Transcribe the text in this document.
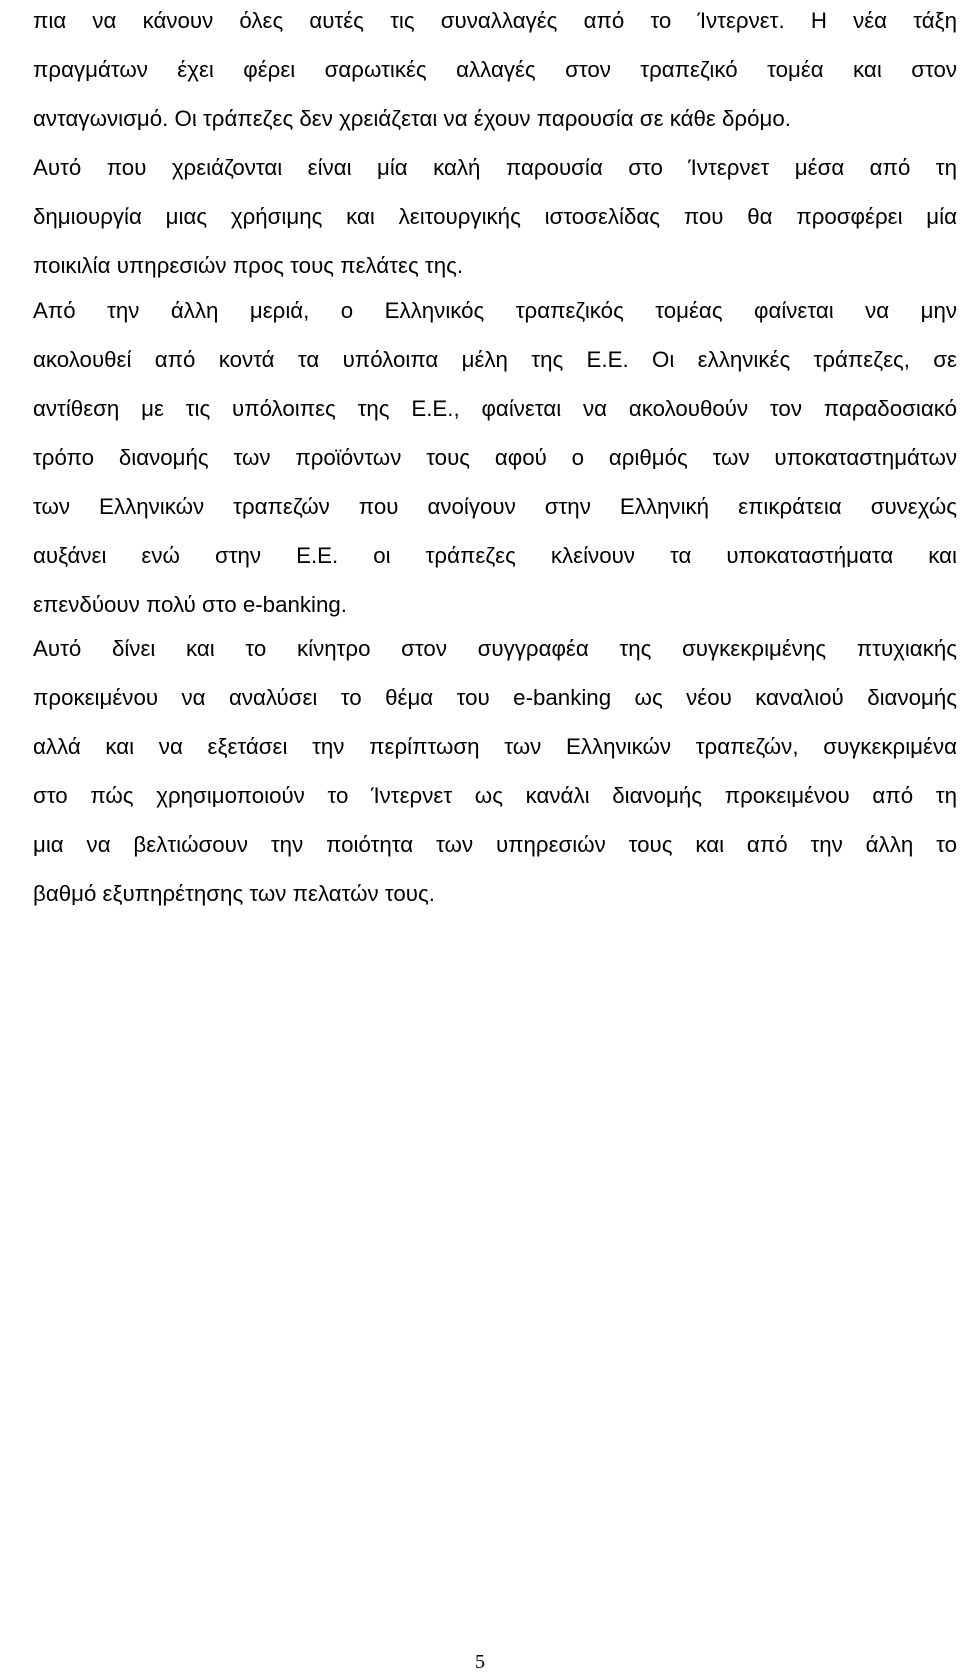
πια να κάνουν όλες αυτές τις συναλλαγές από το Ίντερνετ. Η νέα τάξη
πραγμάτων έχει φέρει σαρωτικές αλλαγές στον τραπεζικό τομέα και στον
ανταγωνισμό. Οι τράπεζες δεν χρειάζεται να έχουν παρουσία σε κάθε δρόμο.
Αυτό που χρειάζονται είναι μία καλή παρουσία στο Ίντερνετ μέσα από τη
δημιουργία μιας χρήσιμης και λειτουργικής ιστοσελίδας που θα προσφέρει μία
ποικιλία υπηρεσιών προς τους πελάτες της.
Από την άλλη μεριά, ο Ελληνικός τραπεζικός τομέας φαίνεται να μην
ακολουθεί από κοντά τα υπόλοιπα μέλη της Ε.Ε. Οι ελληνικές τράπεζες, σε
αντίθεση με τις υπόλοιπες της Ε.Ε., φαίνεται να ακολουθούν τον παραδοσιακό
τρόπο διανομής των προϊόντων τους αφού ο αριθμός των υποκαταστημάτων
των Ελληνικών τραπεζών που ανοίγουν στην Ελληνική επικράτεια συνεχώς
αυξάνει ενώ στην Ε.Ε. οι τράπεζες κλείνουν τα υποκαταστήματα και
επενδύουν πολύ στο e-banking.
Αυτό δίνει και το κίνητρο στον συγγραφέα της συγκεκριμένης πτυχιακής
προκειμένου να αναλύσει το θέμα του e-banking ως νέου καναλιού διανομής
αλλά και να εξετάσει την περίπτωση των Ελληνικών τραπεζών, συγκεκριμένα
στο πώς χρησιμοποιούν το Ίντερνετ ως κανάλι διανομής προκειμένου από τη
μια να βελτιώσουν την ποιότητα των υπηρεσιών τους και από την άλλη το
βαθμό εξυπηρέτησης των πελατών τους.
5
